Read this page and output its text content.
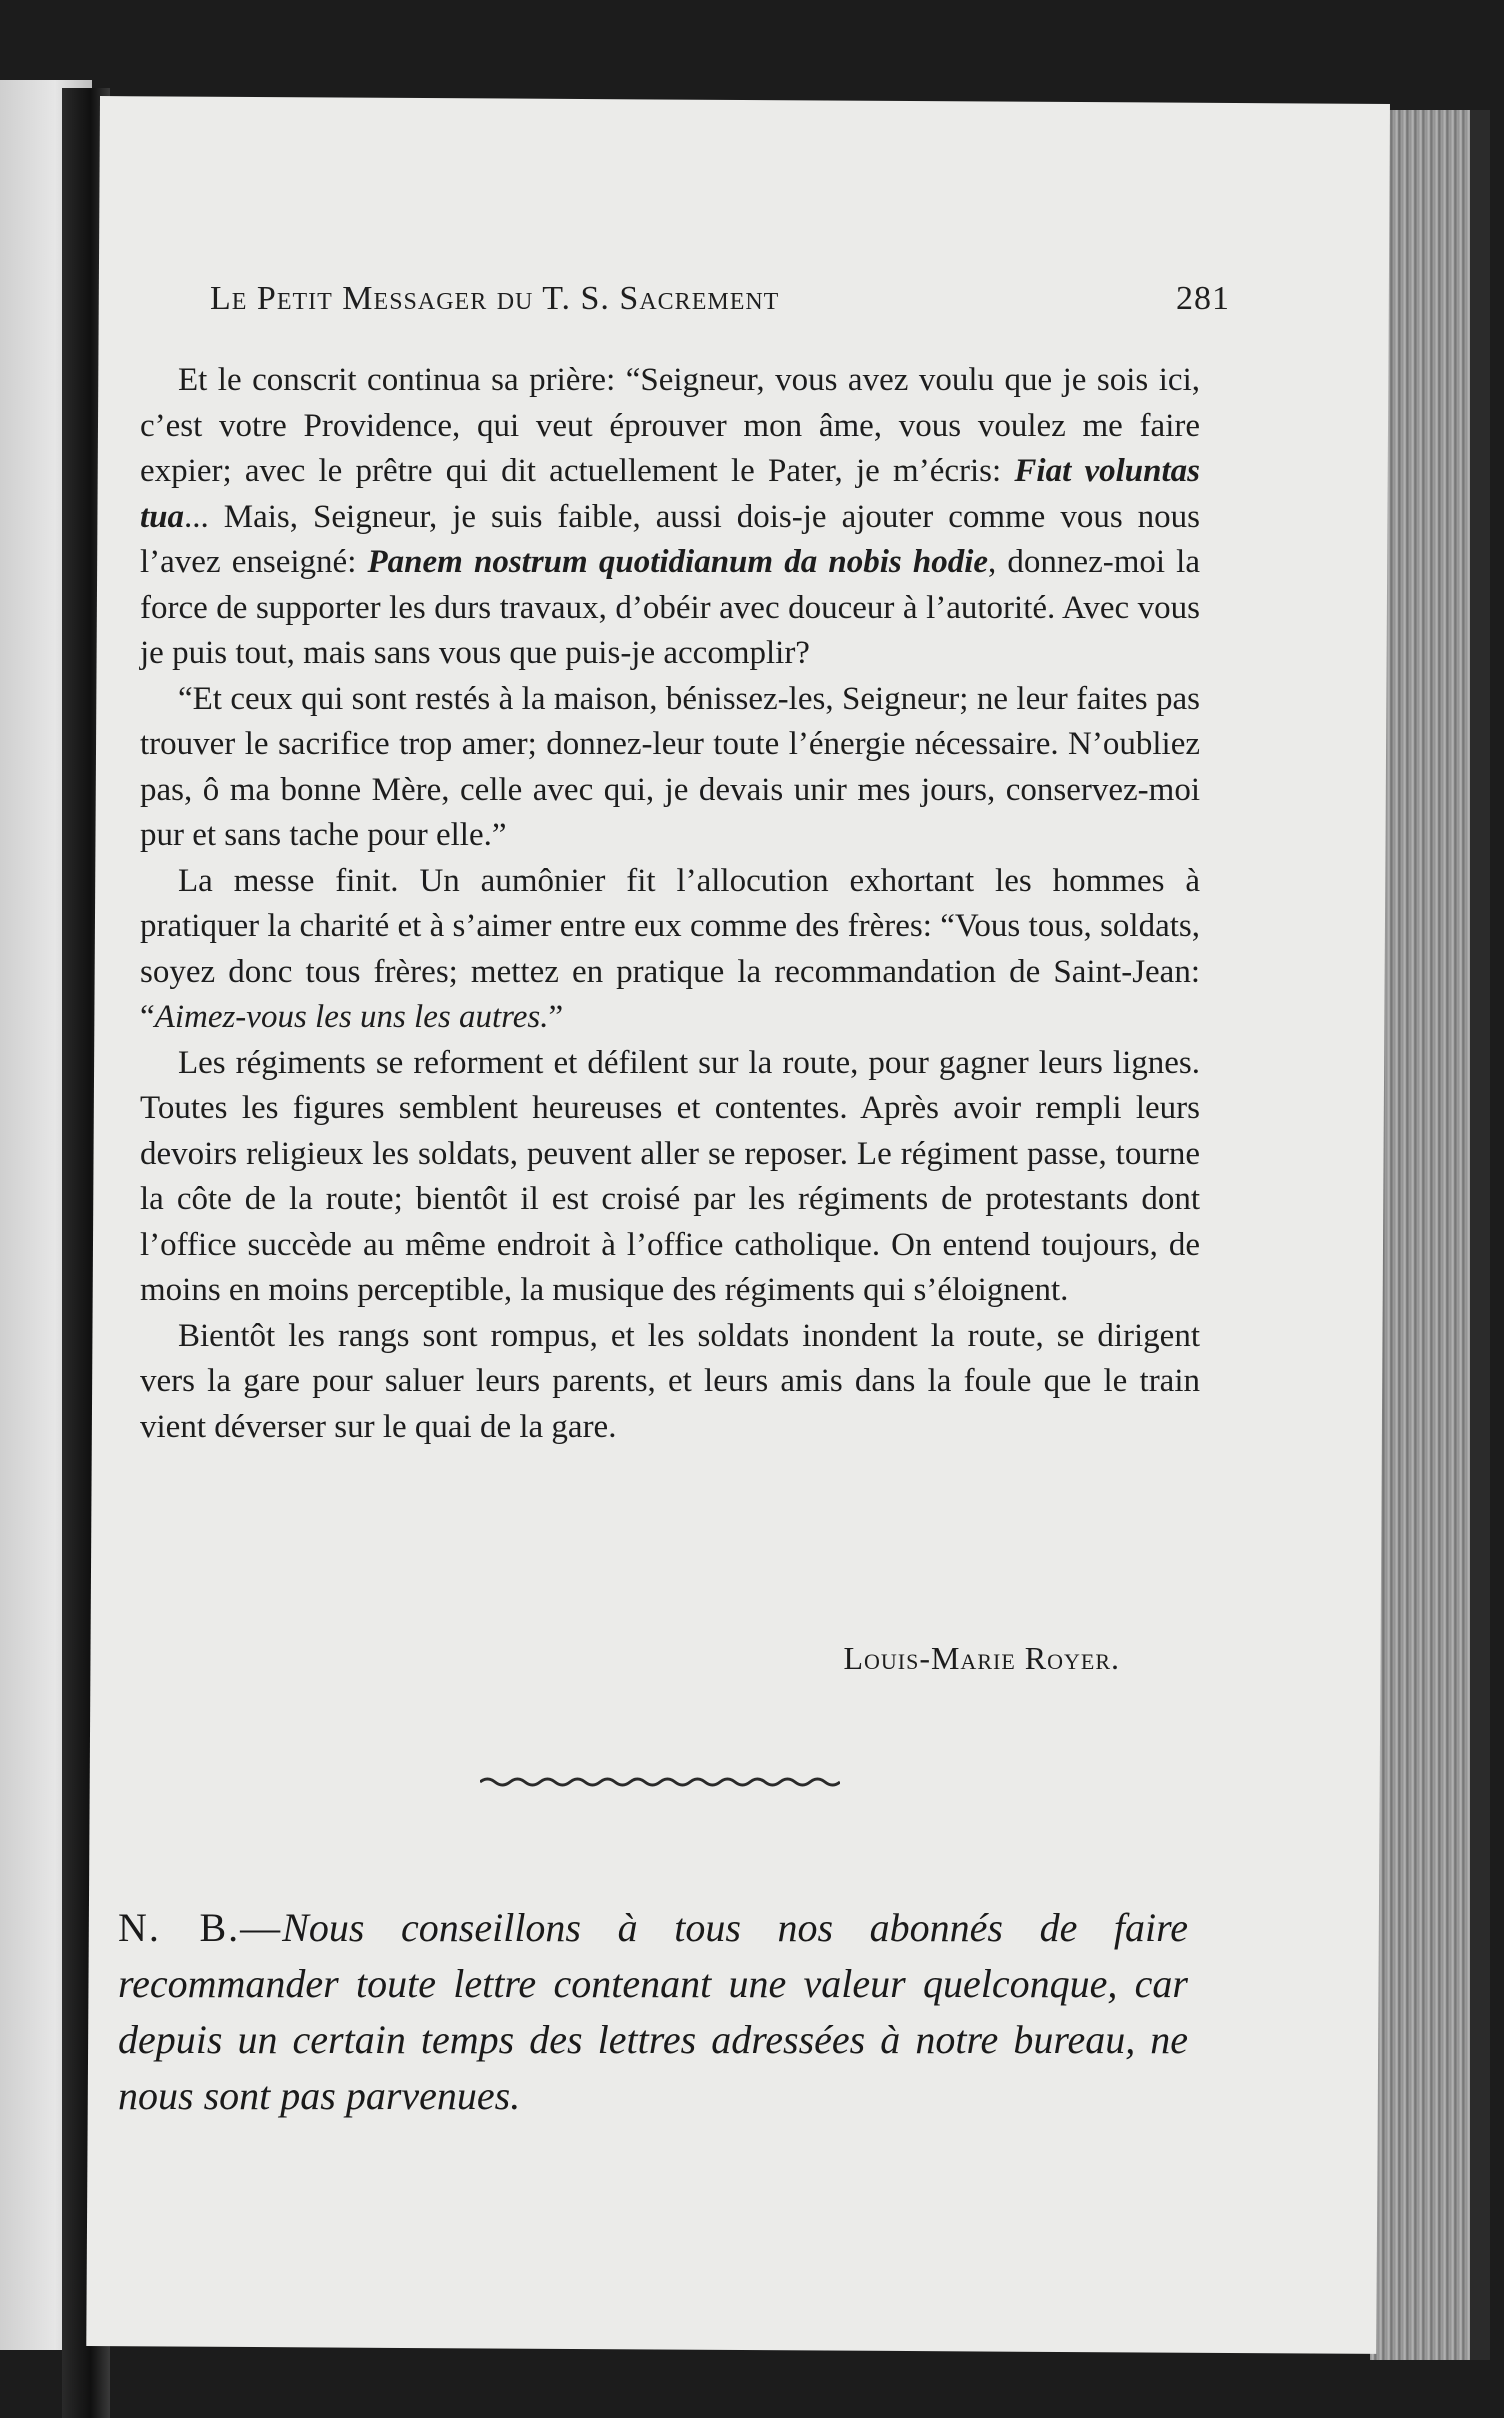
Le Petit Messager du T. S. Sacrement	281

Et le conscrit continua sa prière: “Seigneur, vous avez voulu que je sois ici, c’est votre Providence, qui veut éprouver mon âme, vous voulez me faire expier; avec le prêtre qui dit actuellement le Pater, je m’écris: Fiat voluntas tua... Mais, Seigneur, je suis faible, aussi dois-je ajouter comme vous nous l’avez enseigné: Panem nostrum quotidianum da nobis hodie, donnez-moi la force de supporter les durs travaux, d’obéir avec douceur à l’autorité. Avec vous je puis tout, mais sans vous que puis-je accomplir?

“Et ceux qui sont restés à la maison, bénissez-les, Seigneur; ne leur faites pas trouver le sacrifice trop amer; donnez-leur toute l’énergie nécessaire. N’oubliez pas, ô ma bonne Mère, celle avec qui, je devais unir mes jours, conservez-moi pur et sans tache pour elle.”

La messe finit. Un aumônier fit l’allocution exhortant les hommes à pratiquer la charité et à s’aimer entre eux comme des frères: “Vous tous, soldats, soyez donc tous frères; mettez en pratique la recommandation de Saint-Jean: “Aimez-vous les uns les autres.”

Les régiments se reforment et défilent sur la route, pour gagner leurs lignes. Toutes les figures semblent heureuses et contentes. Après avoir rempli leurs devoirs religieux les soldats, peuvent aller se reposer. Le régiment passe, tourne la côte de la route; bientôt il est croisé par les régiments de protestants dont l’office succède au même endroit à l’office catholique. On entend toujours, de moins en moins perceptible, la musique des régiments qui s’éloignent.

Bientôt les rangs sont rompus, et les soldats inondent la route, se dirigent vers la gare pour saluer leurs parents, et leurs amis dans la foule que le train vient déverser sur le quai de la gare.

Louis-Marie Royer.
N. B.—Nous conseillons à tous nos abonnés de faire recommander toute lettre contenant une valeur quelconque, car depuis un certain temps des lettres adressées à notre bureau, ne nous sont pas parvenues.
